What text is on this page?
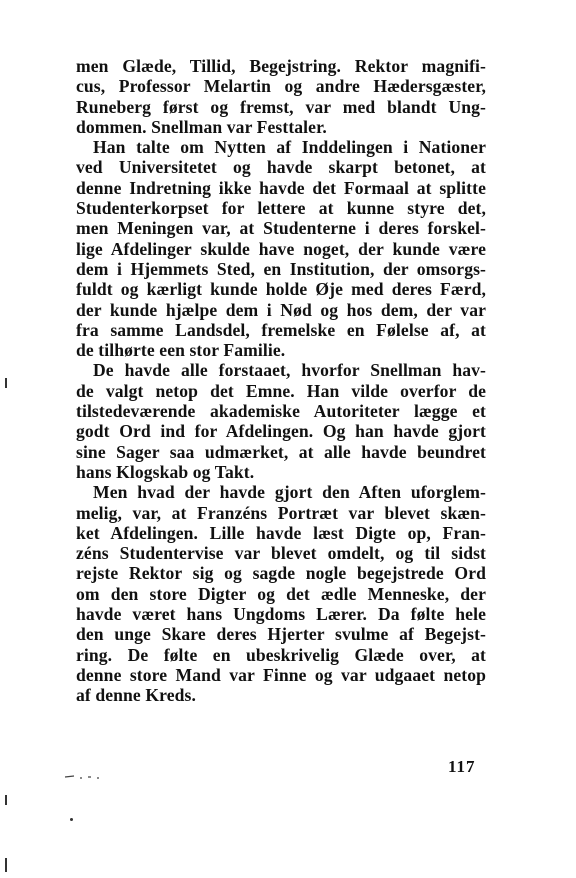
men Glæde, Tillid, Begejstring. Rektor magnifi-
cus, Professor Melartin og andre Hædersgæster,
Runeberg først og fremst, var med blandt Ung-
dommen. Snellman var Festtaler.
Han talte om Nytten af Inddelingen i Nationer
ved Universitetet og havde skarpt betonet, at
denne Indretning ikke havde det Formaal at splitte
Studenterkorpset for lettere at kunne styre det,
men Meningen var, at Studenterne i deres forskel-
lige Afdelinger skulde have noget, der kunde være
dem i Hjemmets Sted, en Institution, der omsorgs-
fuldt og kærligt kunde holde Øje med deres Færd,
der kunde hjælpe dem i Nød og hos dem, der var
fra samme Landsdel, fremelske en Følelse af, at
de tilhørte een stor Familie.
De havde alle forstaaet, hvorfor Snellman hav-
de valgt netop det Emne. Han vilde overfor de
tilstedeværende akademiske Autoriteter lægge et
godt Ord ind for Afdelingen. Og han havde gjort
sine Sager saa udmærket, at alle havde beundret
hans Klogskab og Takt.
Men hvad der havde gjort den Aften uforglem-
melig, var, at Franzéns Portræt var blevet skæn-
ket Afdelingen. Lille havde læst Digte op, Fran-
zéns Studentervise var blevet omdelt, og til sidst
rejste Rektor sig og sagde nogle begejstrede Ord
om den store Digter og det ædle Menneske, der
havde været hans Ungdoms Lærer. Da følte hele
den unge Skare deres Hjerter svulme af Begejst-
ring. De følte en ubeskrivelig Glæde over, at
denne store Mand var Finne og var udgaaet netop
af denne Kreds.
117
